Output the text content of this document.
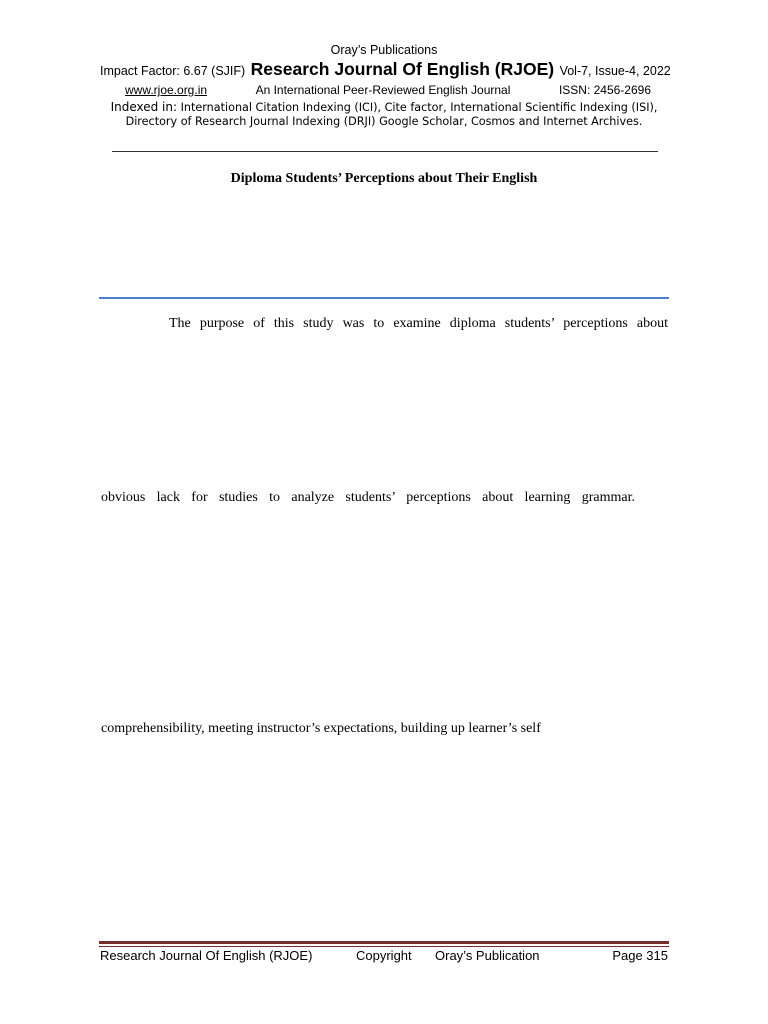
Oray’s Publications
Impact Factor: 6.67 (SJIF) Research Journal Of English (RJOE) Vol-7, Issue-4, 2022
www.rjoe.org.in	An International Peer-Reviewed English Journal	ISSN: 2456-2696
Indexed in: International Citation Indexing (ICI), Cite factor, International Scientific Indexing (ISI), Directory of Research Journal Indexing (DRJI) Google Scholar, Cosmos and Internet Archives.
Diploma Students’ Perceptions about Their English
The purpose of this study was to examine diploma students’ perceptions about
obvious lack for studies to analyze students’ perceptions about learning grammar.
comprehensibility, meeting instructor’s expectations, building up learner’s self
Research Journal Of English (RJOE)	Copyright	Oray’s Publication	Page 315
